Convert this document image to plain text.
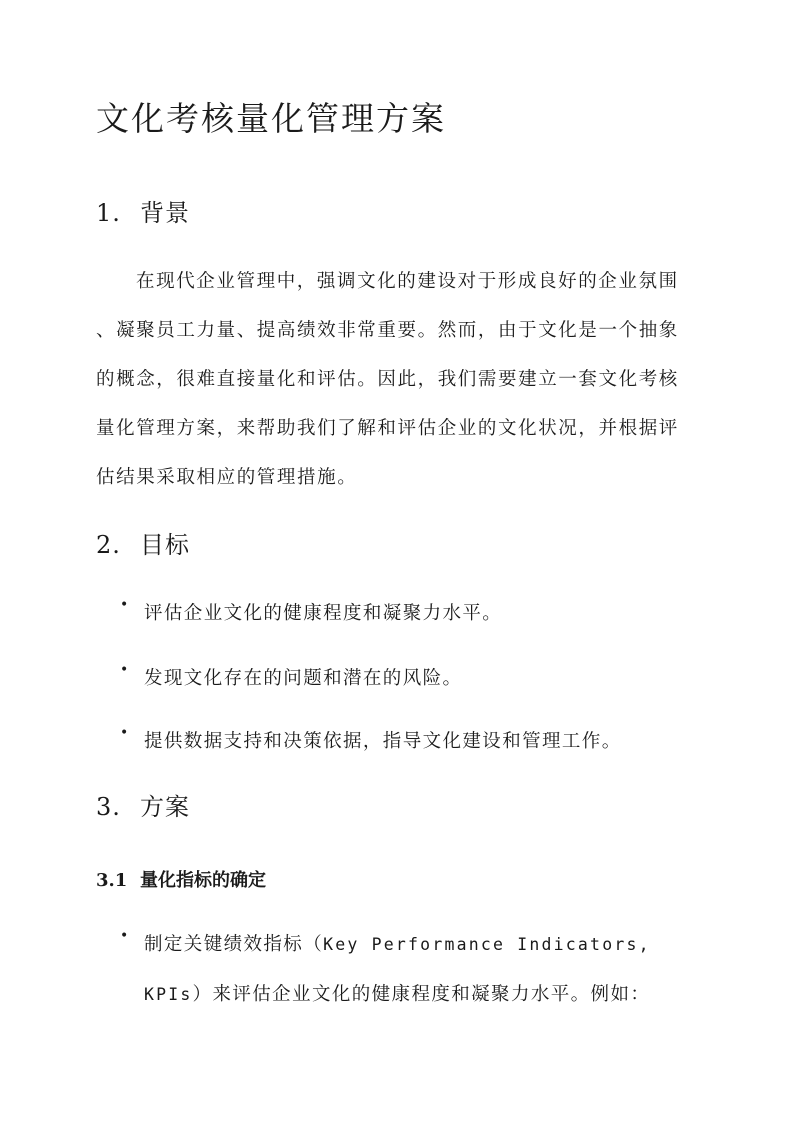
文化考核量化管理方案
1. 背景
在现代企业管理中，强调文化的建设对于形成良好的企业氛围
、凝聚员工力量、提高绩效非常重要。然而，由于文化是一个抽象
的概念，很难直接量化和评估。因此，我们需要建立一套文化考核
量化管理方案，来帮助我们了解和评估企业的文化状况，并根据评
估结果采取相应的管理措施。
2. 目标
• 评估企业文化的健康程度和凝聚力水平。
• 发现文化存在的问题和潜在的风险。
• 提供数据支持和决策依据，指导文化建设和管理工作。
3. 方案
3.1 量化指标的确定
• 制定关键绩效指标（Key Performance Indicators,
KPIs）来评估企业文化的健康程度和凝聚力水平。例如：
